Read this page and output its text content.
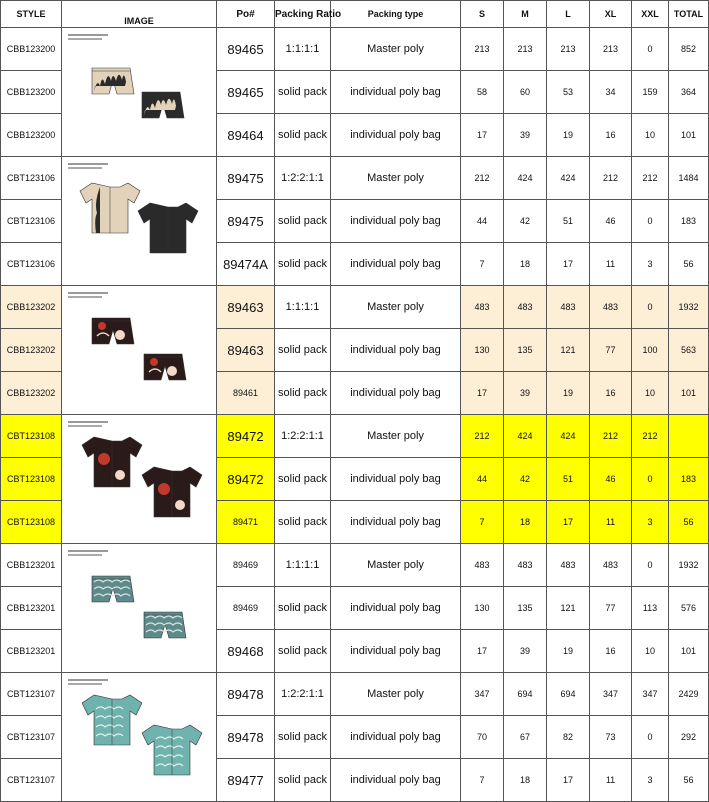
STYLE	IMAGE	Po#	Packing Ratio	Packing type	S	M	L	XL	XXL	TOTAL
CBB123200		89465	1:1:1:1	Master poly	213	213	213	213	0	852
CBB123200		89465	solid pack	individual poly bag	58	60	53	34	159	364
CBB123200		89464	solid pack	individual poly bag	17	39	19	16	10	101
CBT123106		89475	1:2:2:1:1	Master poly	212	424	424	212	212	1484
CBT123106		89475	solid pack	individual poly bag	44	42	51	46	0	183
CBT123106		89474A	solid pack	individual poly bag	7	18	17	11	3	56
CBB123202		89463	1:1:1:1	Master poly	483	483	483	483	0	1932
CBB123202		89463	solid pack	individual poly bag	130	135	121	77	100	563
CBB123202		89461	solid pack	individual poly bag	17	39	19	16	10	101
CBT123108		89472	1:2:2:1:1	Master poly	212	424	424	212	212	
CBT123108		89472	solid pack	individual poly bag	44	42	51	46	0	183
CBT123108		89471	solid pack	individual poly bag	7	18	17	11	3	56
CBB123201		89469	1:1:1:1	Master poly	483	483	483	483	0	1932
CBB123201		89469	solid pack	individual poly bag	130	135	121	77	113	576
CBB123201		89468	solid pack	individual poly bag	17	39	19	16	10	101
CBT123107		89478	1:2:2:1:1	Master poly	347	694	694	347	347	2429
CBT123107		89478	solid pack	individual poly bag	70	67	82	73	0	292
CBT123107		89477	solid pack	individual poly bag	7	18	17	11	3	56
